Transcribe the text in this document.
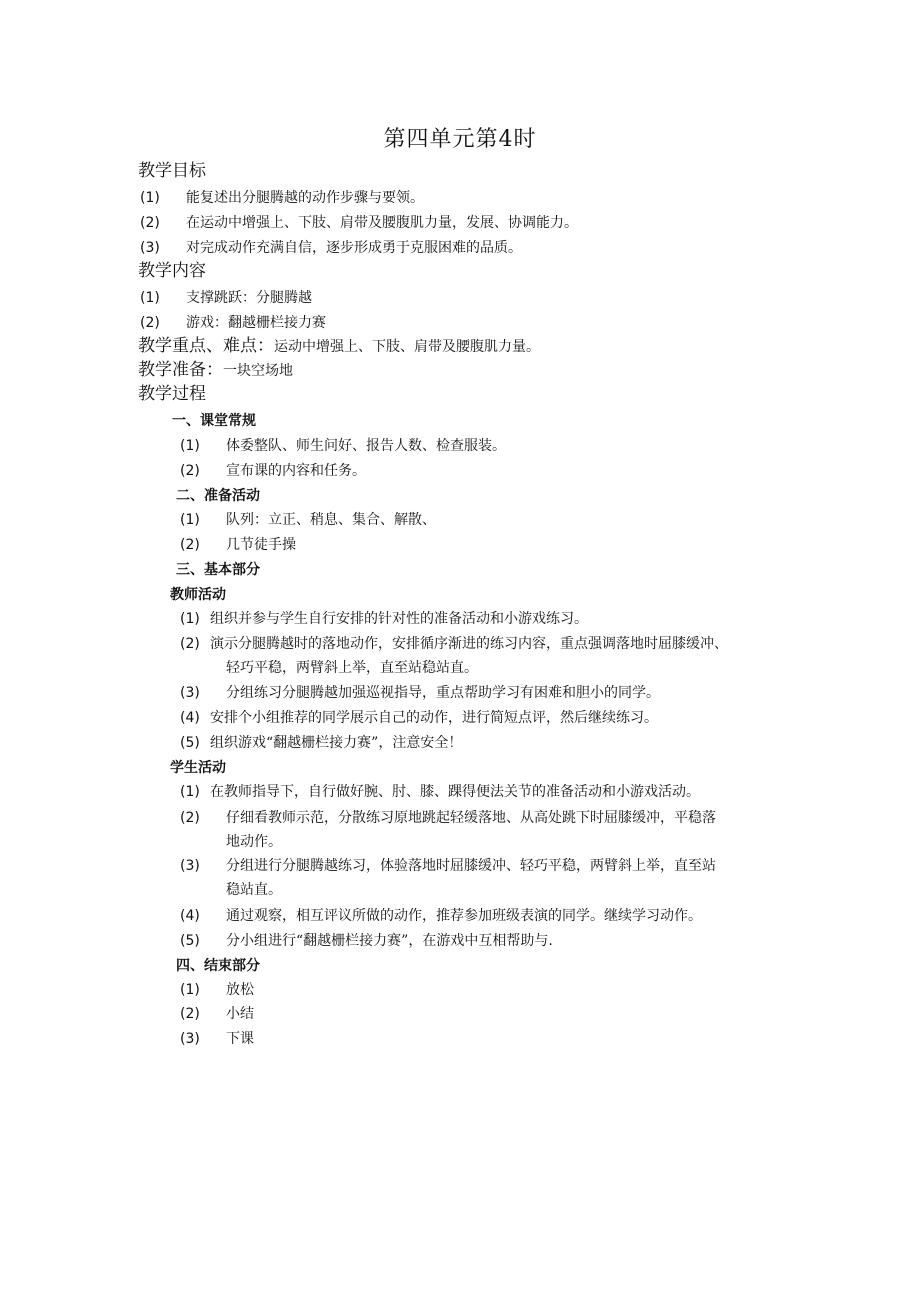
第四单元第4时
教学目标
(1) 能复述出分腿腾越的动作步骤与要领。
(2) 在运动中增强上、下肢、肩带及腰腹肌力量，发展、协调能力。
(3) 对完成动作充满自信，逐步形成勇于克服困难的品质。
教学内容
(1) 支撑跳跃：分腿腾越
(2) 游戏：翻越栅栏接力赛
教学重点、难点：运动中增强上、下肢、肩带及腰腹肌力量。
教学准备：一块空场地
教学过程
一、课堂常规
(1) 体委整队、师生问好、报告人数、检查服装。
(2) 宣布课的内容和任务。
二、准备活动
(1) 队列：立正、稍息、集合、解散、
(2) 几节徒手操
三、基本部分
教师活动
(1) 组织并参与学生自行安排的针对性的准备活动和小游戏练习。
(2) 演示分腿腾越时的落地动作，安排循序渐进的练习内容，重点强调落地时屈膝缓冲、
轻巧平稳，两臂斜上举，直至站稳站直。
(3) 分组练习分腿腾越加强巡视指导，重点帮助学习有困难和胆小的同学。
(4) 安排个小组推荐的同学展示自己的动作，进行简短点评，然后继续练习。
(5) 组织游戏“翻越栅栏接力赛”，注意安全！
学生活动
(1) 在教师指导下，自行做好腕、肘、膝、踝得便法关节的准备活动和小游戏活动。
(2) 仔细看教师示范，分散练习原地跳起轻缓落地、从高处跳下时屈膝缓冲，平稳落
地动作。
(3) 分组进行分腿腾越练习，体验落地时屈膝缓冲、轻巧平稳，两臂斜上举，直至站
稳站直。
(4) 通过观察，相互评议所做的动作，推荐参加班级表演的同学。继续学习动作。
(5) 分小组进行“翻越栅栏接力赛”，在游戏中互相帮助与.
四、结束部分
(1) 放松
(2) 小结
(3) 下课
